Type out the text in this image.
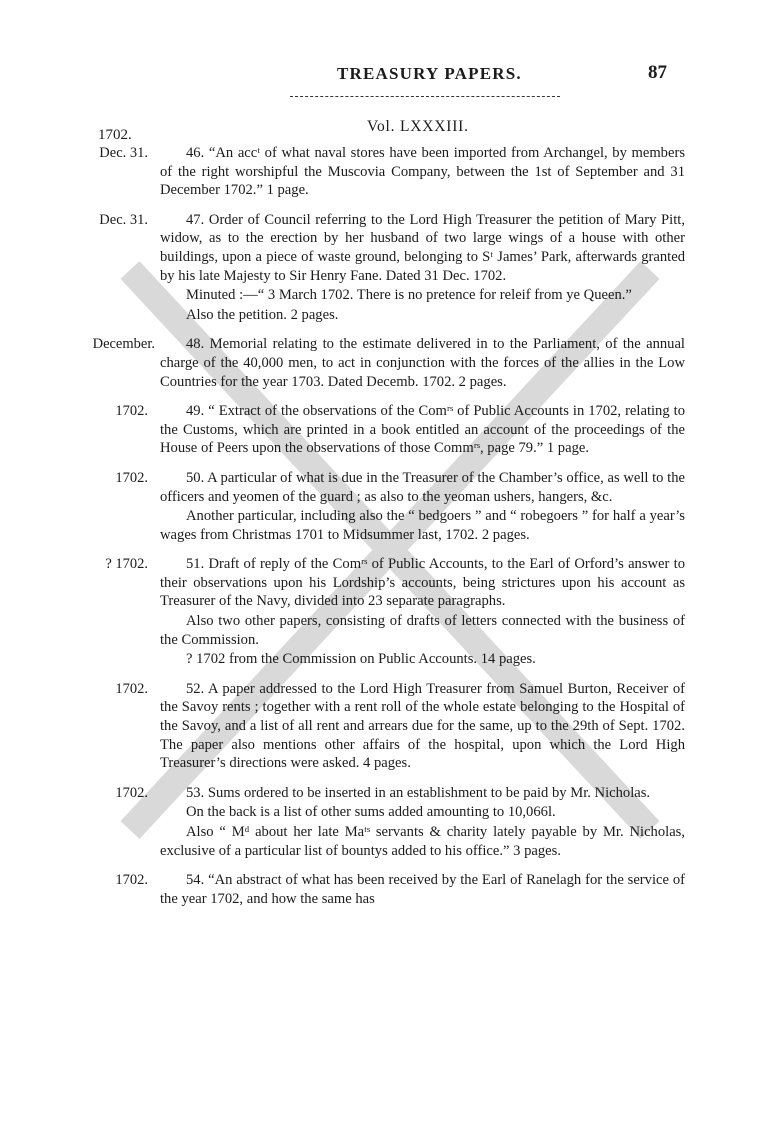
TREASURY PAPERS.	87
Vol. LXXXIII.
1702.
Dec. 31.	46. “An accᵗ of what naval stores have been imported from Archangel, by members of the right worshipful the Muscovia Company, between the 1st of September and 31 December 1702.” 1 page.

Dec. 31.	47. Order of Council referring to the Lord High Treasurer the petition of Mary Pitt, widow, as to the erection by her husband of two large wings of a house with other buildings, upon a piece of waste ground, belonging to Sᵗ James’ Park, afterwards granted by his late Majesty to Sir Henry Fane. Dated 31 Dec. 1702.

Minuted :—“ 3 March 1702. There is no pretence for releif from ye Queen.”

Also the petition. 2 pages.

December.	48. Memorial relating to the estimate delivered in to the Parliament, of the annual charge of the 40,000 men, to act in conjunction with the forces of the allies in the Low Countries for the year 1703. Dated Decemb. 1702. 2 pages.

1702.	49. “ Extract of the observations of the Comʳˢ of Public Accounts in 1702, relating to the Customs, which are printed in a book entitled an account of the proceedings of the House of Peers upon the observations of those Commʳˢ, page 79.” 1 page.

1702.	50. A particular of what is due in the Treasurer of the Chamber’s office, as well to the officers and yeomen of the guard ; as also to the yeoman ushers, hangers, &c.

Another particular, including also the “ bedgoers ” and “ robegoers ” for half a year’s wages from Christmas 1701 to Midsummer last, 1702. 2 pages.

? 1702.	51. Draft of reply of the Comʳˢ of Public Accounts, to the Earl of Orford’s answer to their observations upon his Lordship’s accounts, being strictures upon his account as Treasurer of the Navy, divided into 23 separate paragraphs.

Also two other papers, consisting of drafts of letters connected with the business of the Commission.

? 1702 from the Commission on Public Accounts. 14 pages.

1702.	52. A paper addressed to the Lord High Treasurer from Samuel Burton, Receiver of the Savoy rents ; together with a rent roll of the whole estate belonging to the Hospital of the Savoy, and a list of all rent and arrears due for the same, up to the 29th of Sept. 1702. The paper also mentions other affairs of the hospital, upon which the Lord High Treasurer’s directions were asked. 4 pages.

1702.	53. Sums ordered to be inserted in an establishment to be paid by Mr. Nicholas.

On the back is a list of other sums added amounting to 10,066l.

Also “ Mᵈ about her late Maᵗˢ servants & charity lately payable by Mr. Nicholas, exclusive of a particular list of bountys added to his office.” 3 pages.

1702.	54. “An abstract of what has been received by the Earl of Ranelagh for the service of the year 1702, and how the same has
